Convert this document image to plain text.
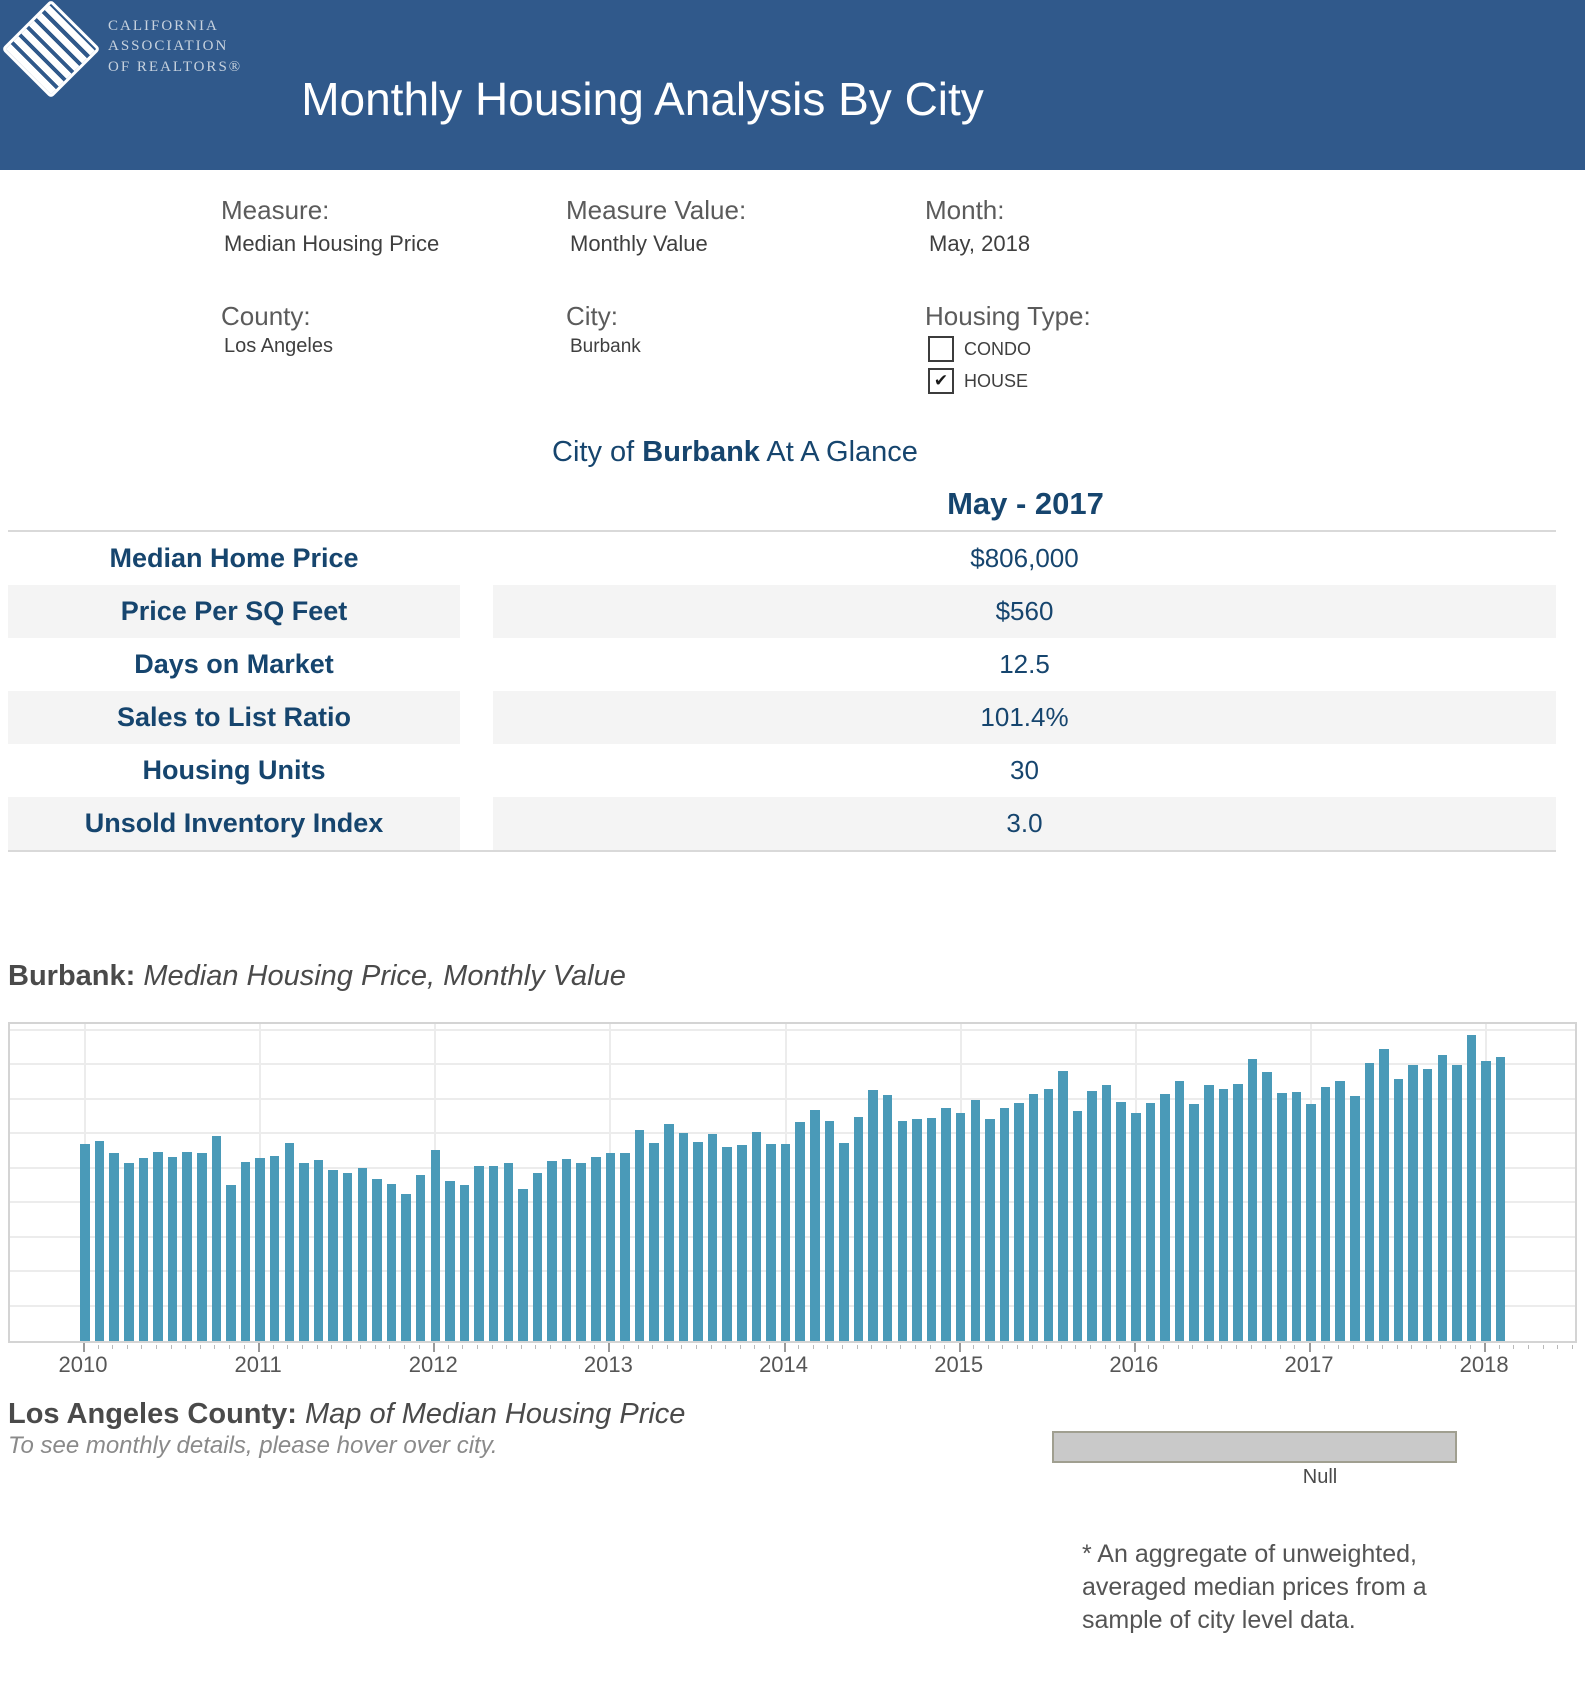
CALIFORNIA
ASSOCIATION
OF REALTORS®
Monthly Housing Analysis By City
Measure:
Median Housing Price
Measure Value:
Monthly Value
Month:
May, 2018
County:
Los Angeles
City:
Burbank
Housing Type:
CONDO
✔ HOUSE
City of Burbank At A Glance
May - 2017
Median Home Price	$806,000
Price Per SQ Feet	$560
Days on Market	12.5
Sales to List Ratio	101.4%
Housing Units	30
Unsold Inventory Index	3.0
Burbank: Median Housing Price, Monthly Value
2010	2011	2012	2013	2014	2015	2016	2017	2018
Los Angeles County: Map of Median Housing Price
To see monthly details, please hover over city.
Null
* An aggregate of unweighted, averaged median prices from a sample of city level data.
